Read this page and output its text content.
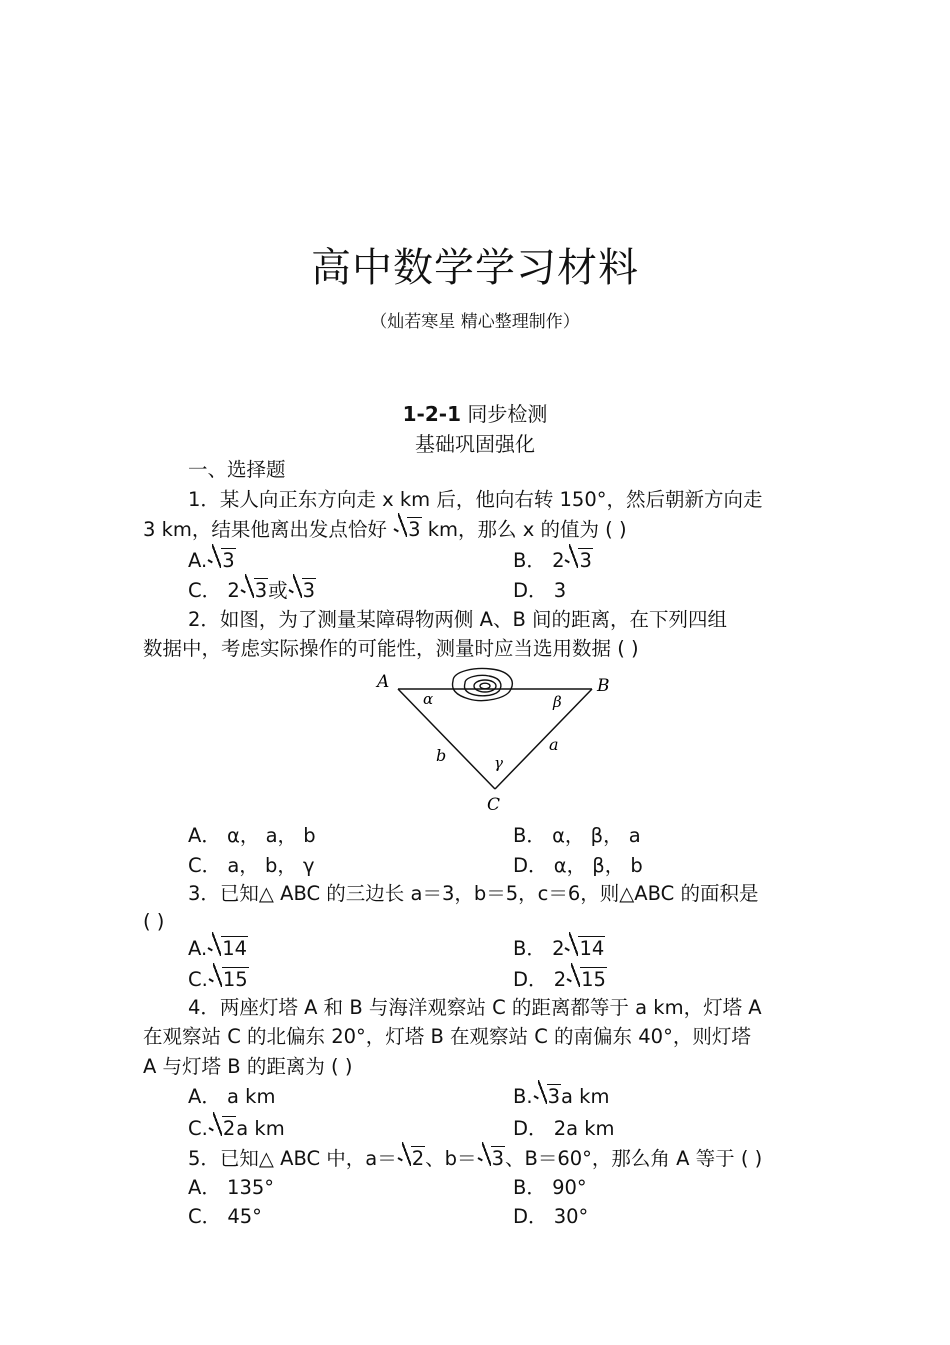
高中数学学习材料
（灿若寒星 精心整理制作）
1-2-1 同步检测
基础巩固强化
一、选择题
1．某人向正东方向走 x km 后，他向右转 150°，然后朝新方向走
3 km，结果他离出发点恰好 3 km，那么 x 的值为 ( )
A. 3	B． 2 3
C． 2 3或 3	D． 3
2．如图，为了测量某障碍物两侧 A、B 间的距离，在下列四组
数据中，考虑实际操作的可能性，测量时应当选用数据 ( )
A	B
C
α	β
γ
a
b
A． α， a， b	B． α， β， a
C． a， b， γ	D． α， β， b
3．已知△ ABC 的三边长 a＝3，b＝5，c＝6，则△ABC 的面积是
( )
A. 14	B． 2 14
C. 15	D． 2 15
4．两座灯塔 A 和 B 与海洋观察站 C 的距离都等于 a km，灯塔 A
在观察站 C 的北偏东 20°，灯塔 B 在观察站 C 的南偏东 40°，则灯塔
A 与灯塔 B 的距离为 ( )
A． a km	B. 3a km
C. 2a km	D． 2a km
5．已知△ ABC 中，a＝ 2、b＝ 3、B＝60°，那么角 A 等于 ( )
A． 135°	B． 90°
C． 45°	D． 30°
